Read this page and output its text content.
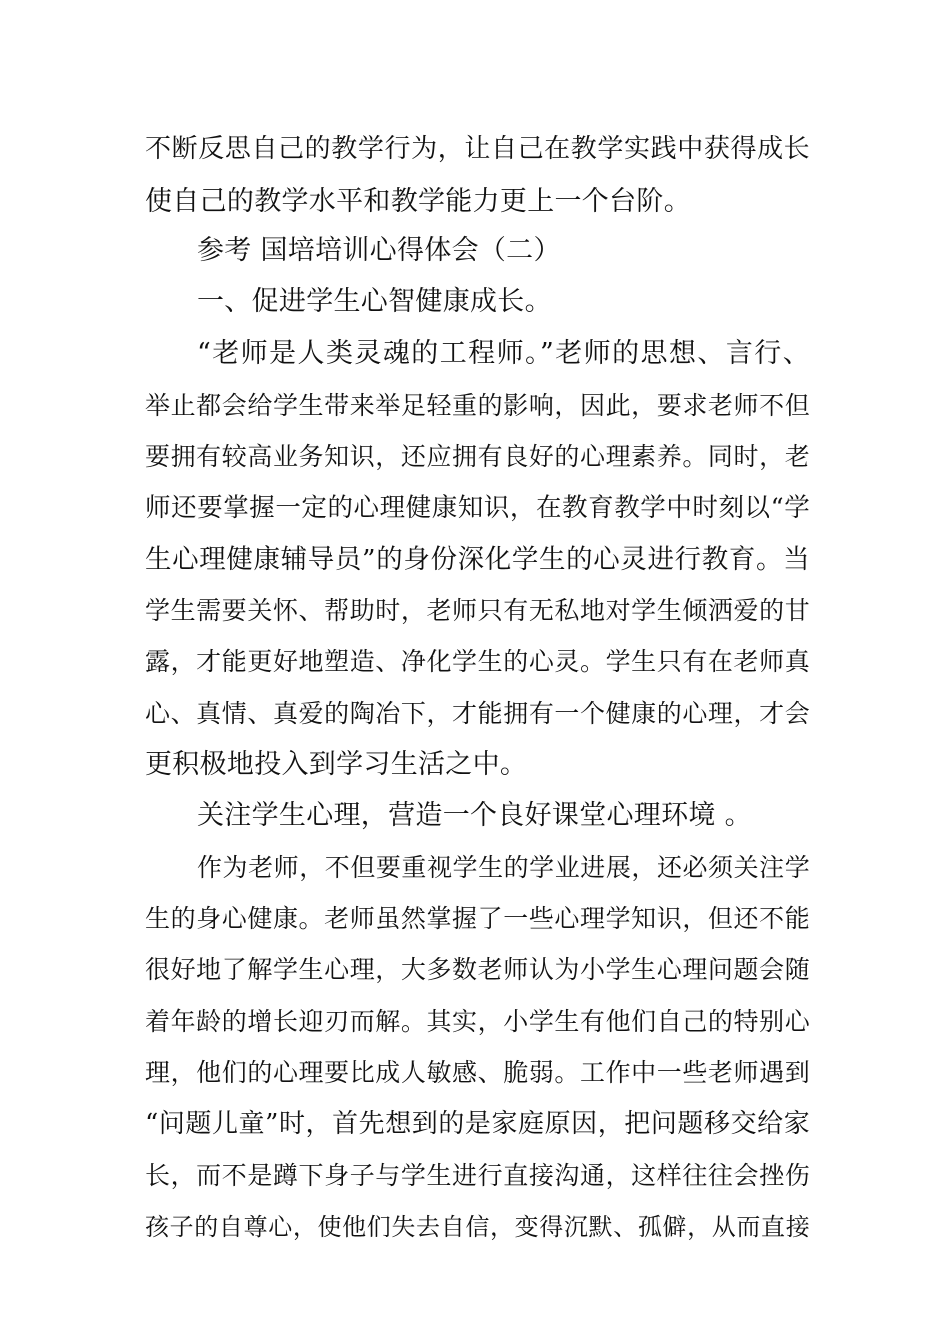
不断反思自己的教学行为，让自己在教学实践中获得成长
使自己的教学水平和教学能力更上一个台阶。
参考 国培培训心得体会（二）
一、促进学生心智健康成长。
“老师是人类灵魂的工程师。”老师的思想、言行、
举止都会给学生带来举足轻重的影响，因此，要求老师不但
要拥有较高业务知识，还应拥有良好的心理素养。同时，老
师还要掌握一定的心理健康知识，在教育教学中时刻以“学
生心理健康辅导员”的身份深化学生的心灵进行教育。当
学生需要关怀、帮助时，老师只有无私地对学生倾洒爱的甘
露，才能更好地塑造、净化学生的心灵。学生只有在老师真
心、真情、真爱的陶冶下，才能拥有一个健康的心理，才会
更积极地投入到学习生活之中。
关注学生心理，营造一个良好课堂心理环境 。
作为老师，不但要重视学生的学业进展，还必须关注学
生的身心健康。老师虽然掌握了一些心理学知识，但还不能
很好地了解学生心理，大多数老师认为小学生心理问题会随
着年龄的增长迎刃而解。其实，小学生有他们自己的特别心
理，他们的心理要比成人敏感、脆弱。工作中一些老师遇到
“问题儿童”时，首先想到的是家庭原因，把问题移交给家
长，而不是蹲下身子与学生进行直接沟通，这样往往会挫伤
孩子的自尊心，使他们失去自信，变得沉默、孤僻，从而直接
